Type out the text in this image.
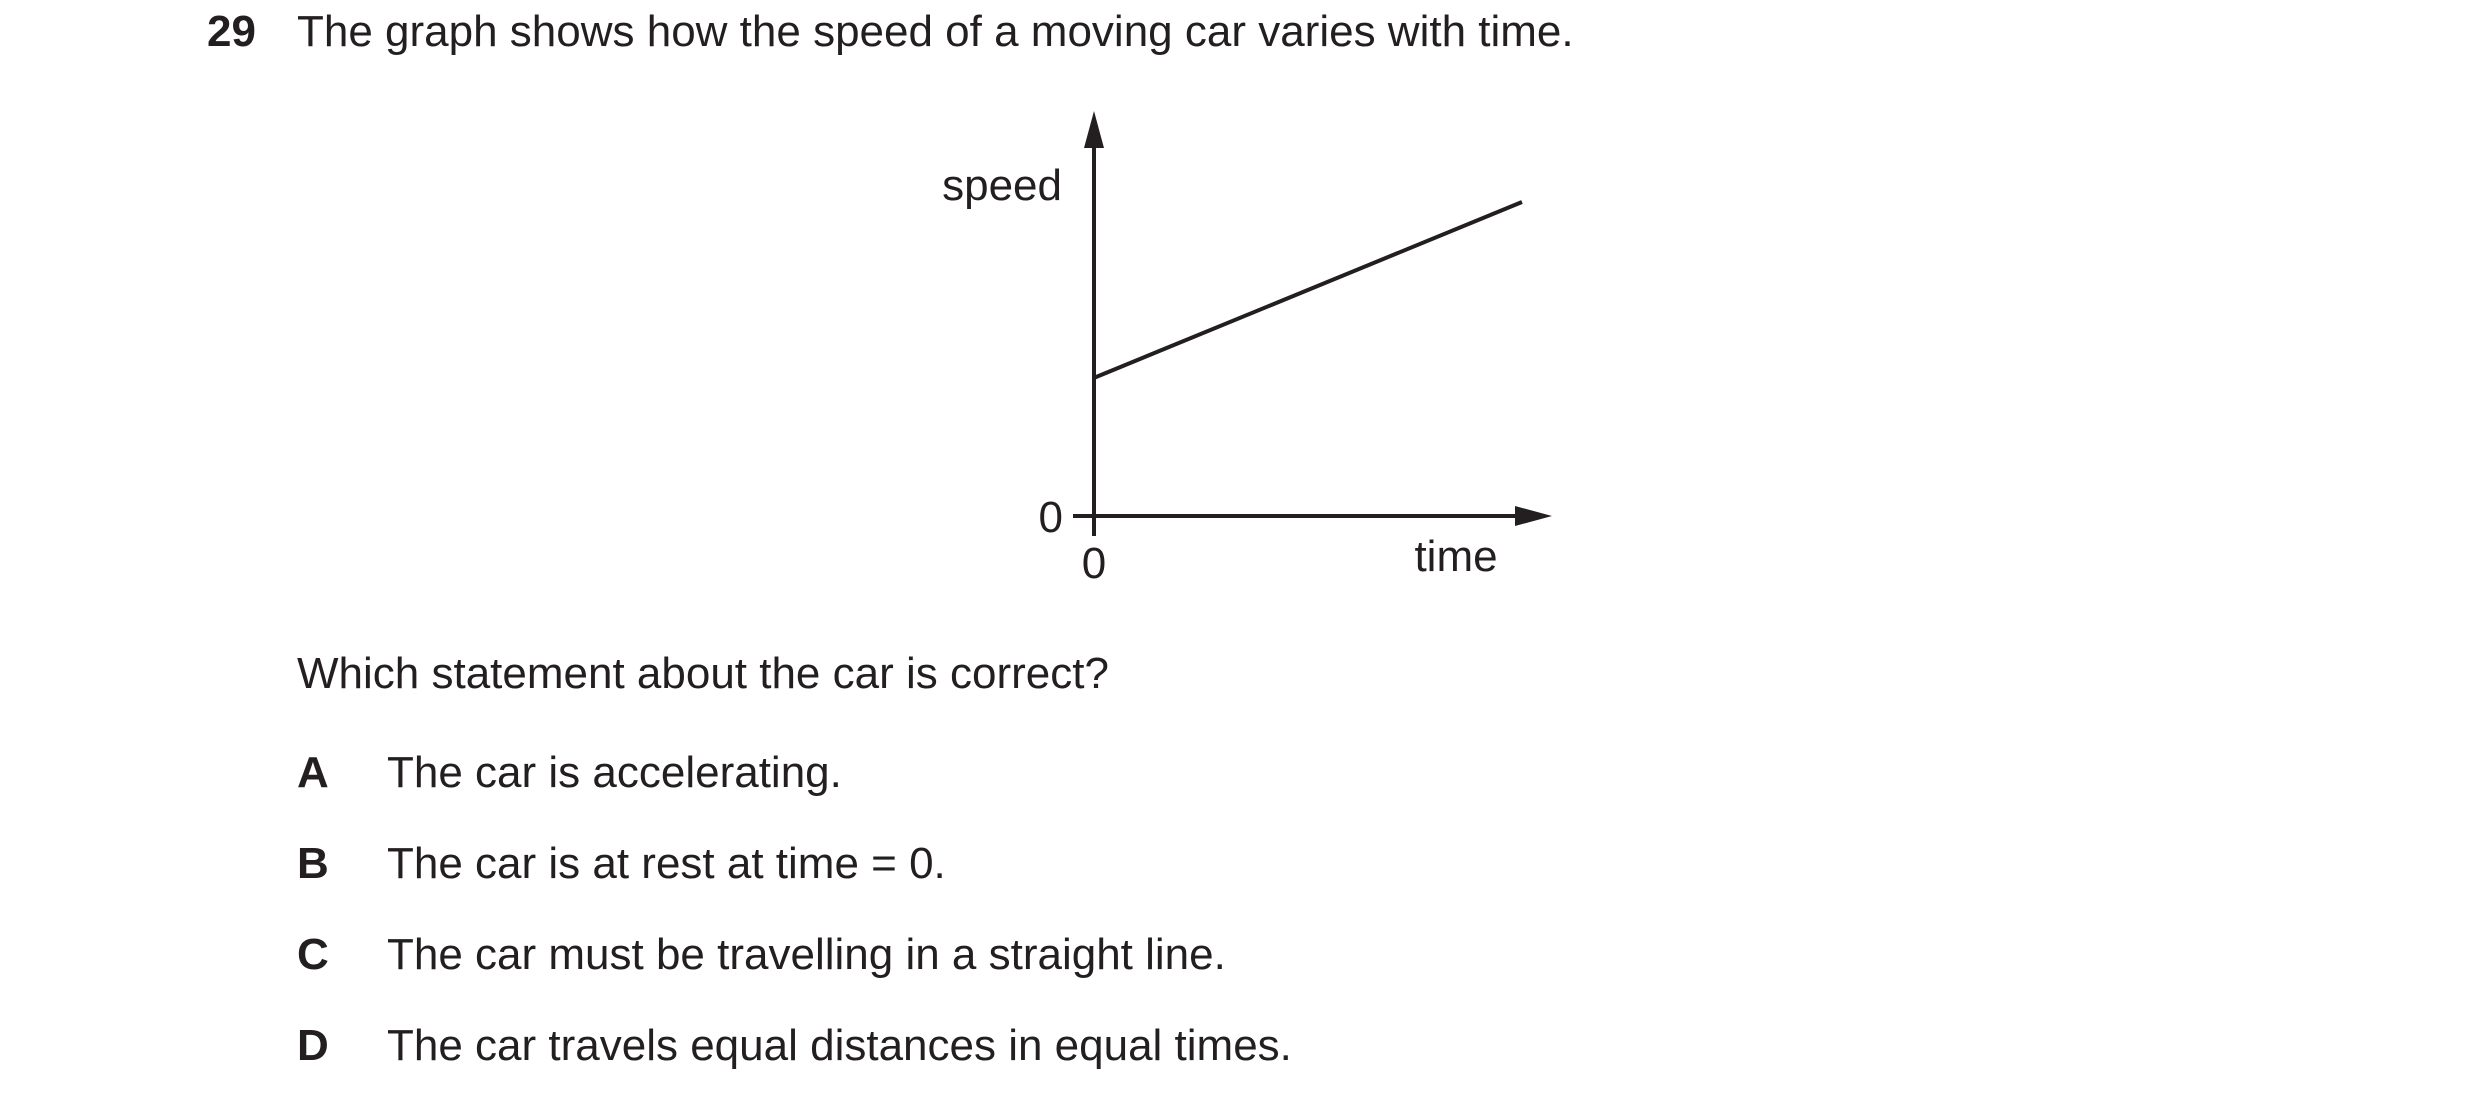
29 The graph shows how the speed of a moving car varies with time.
speed
time
0
0
Which statement about the car is correct?
A The car is accelerating.
B The car is at rest at time = 0.
C The car must be travelling in a straight line.
D The car travels equal distances in equal times.
